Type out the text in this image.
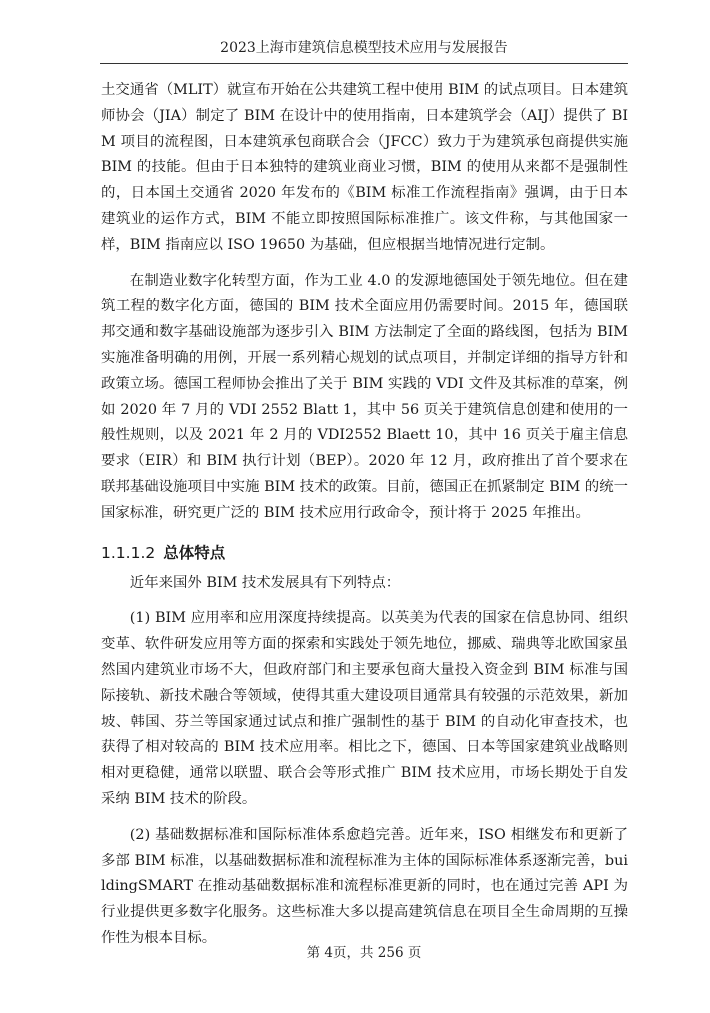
2023上海市建筑信息模型技术应用与发展报告

土交通省（MLIT）就宣布开始在公共建筑工程中使用 BIM 的试点项目。日本建筑师协会（JIA）制定了 BIM 在设计中的使用指南，日本建筑学会（AIJ）提供了 BIM 项目的流程图，日本建筑承包商联合会（JFCC）致力于为建筑承包商提供实施 BIM 的技能。但由于日本独特的建筑业商业习惯，BIM 的使用从来都不是强制性的，日本国土交通省 2020 年发布的《BIM 标准工作流程指南》强调，由于日本建筑业的运作方式，BIM 不能立即按照国际标准推广。该文件称，与其他国家一样，BIM 指南应以 ISO 19650 为基础，但应根据当地情况进行定制。

在制造业数字化转型方面，作为工业 4.0 的发源地德国处于领先地位。但在建筑工程的数字化方面，德国的 BIM 技术全面应用仍需要时间。2015 年，德国联邦交通和数字基础设施部为逐步引入 BIM 方法制定了全面的路线图，包括为 BIM 实施准备明确的用例，开展一系列精心规划的试点项目，并制定详细的指导方针和政策立场。德国工程师协会推出了关于 BIM 实践的 VDI 文件及其标准的草案，例如 2020 年 7 月的 VDI 2552 Blatt 1，其中 56 页关于建筑信息创建和使用的一般性规则，以及 2021 年 2 月的 VDI2552 Blaett 10，其中 16 页关于雇主信息要求（EIR）和 BIM 执行计划（BEP）。2020 年 12 月，政府推出了首个要求在联邦基础设施项目中实施 BIM 技术的政策。目前，德国正在抓紧制定 BIM 的统一国家标准，研究更广泛的 BIM 技术应用行政命令，预计将于 2025 年推出。

1.1.1.2 总体特点

近年来国外 BIM 技术发展具有下列特点：

(1) BIM 应用率和应用深度持续提高。以英美为代表的国家在信息协同、组织变革、软件研发应用等方面的探索和实践处于领先地位，挪威、瑞典等北欧国家虽然国内建筑业市场不大，但政府部门和主要承包商大量投入资金到 BIM 标准与国际接轨、新技术融合等领域，使得其重大建设项目通常具有较强的示范效果，新加坡、韩国、芬兰等国家通过试点和推广强制性的基于 BIM 的自动化审查技术，也获得了相对较高的 BIM 技术应用率。相比之下，德国、日本等国家建筑业战略则相对更稳健，通常以联盟、联合会等形式推广 BIM 技术应用，市场长期处于自发采纳 BIM 技术的阶段。

(2) 基础数据标准和国际标准体系愈趋完善。近年来，ISO 相继发布和更新了多部 BIM 标准，以基础数据标准和流程标准为主体的国际标准体系逐渐完善，buildingSMART 在推动基础数据标准和流程标准更新的同时，也在通过完善 API 为行业提供更多数字化服务。这些标准大多以提高建筑信息在项目全生命周期的互操作性为根本目标。

第 4页，共 256 页
